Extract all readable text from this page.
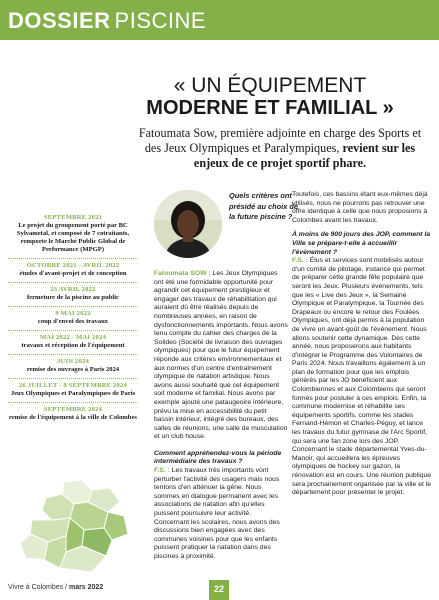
DOSSIER PISCINE
« UN ÉQUIPEMENT
MODERNE ET FAMILIAL »
Fatoumata Sow, première adjointe en charge des Sports et des Jeux Olympiques et Paralympiques, revient sur les enjeux de ce projet sportif phare.
SEPTEMBRE 2021
Le projet du groupement porté par BC Sylvametal, et composé de 7 cotraitants, remporte le Marché Public Global de Performance (MPGP)
OCTOBRE 2021 - AVRIL 2022
études d'avant-projet et de conception
23 AVRIL 2022
fermeture de la piscine au public
9 MAI 2022
coup d'envoi des travaux
MAI 2022 - MAI 2024
travaux et réception de l'équipement
JUIN 2024
remise des ouvrages à Paris 2024
26 JUILLET - 8 SEPTEMBRE 2024
Jeux Olympiques et Paralympiques de Paris
SEPTEMBRE 2024
remise de l'équipement à la ville de Colombes

Quels critères ont présidé au choix de la future piscine ?

Fatoumata SOW : Les Jeux Olympiques ont été une formidable opportunité pour agrandir cet équipement prestigieux et engager des travaux de réhabilitation qui auraient dû être réalisés depuis de nombreuses années, en raison de dysfonctionnements importants. Nous avons tenu compte du cahier des charges de la Solideo (Société de livraison des ouvrages olympiques) pour que le futur équipement réponde aux critères environnementaux et aux normes d'un centre d'entraînement olympique de natation artistique. Nous avons aussi souhaité que cet équipement soit moderne et familial. Nous avons par exemple ajouté une pataugeoire intérieure, prévu la mise en accessibilité du petit bassin intérieur, intégré des bureaux, des salles de réunions, une salle de musculation et un club house.

Comment appréhendez-vous la période intermédiaire des travaux ?
F.S. : Les travaux très importants vont perturber l'activité des usagers mais nous tentons d'en atténuer la gêne. Nous sommes en dialogue permanent avec les associations de natation afin qu'elles puissent poursuivre leur activité. Concernant les scolaires, nous avons des discussions bien engagées avec des communes voisines pour que les enfants puissent pratiquer la natation dans des piscines à proximité.

Toutefois, ces bassins étant eux-mêmes déjà utilisés, nous ne pourrons pas retrouver une offre identique à celle que nous proposions à Colombes avant les travaux.

À moins de 900 jours des JOP, comment la Ville se prépare-t-elle à accueillir l'événement ?
F.S. : Élus et services sont mobilisés autour d'un comité de pilotage, instance qui permet de préparer cette grande fête populaire que seront les Jeux. Plusieurs événements, tels que les « Live des Jeux », la Semaine Olympique et Paralympique, la Tournée des Drapeaux ou encore le retour des Foulées Olympiques, ont déjà permis à la population de vivre un avant-goût de l'événement. Nous allons soutenir cette dynamique. Dès cette année, nous proposerons aux habitants d'intégrer le Programme des Volontaires de Paris 2024. Nous travaillons également à un plan de formation pour que les emplois générés par les JO bénéficient aux Colombiennes et aux Colombiens qui seront formés pour postuler à ces emplois. Enfin, la commune modernise et réhabilite ses équipements sportifs, comme les stades Fernand-Hémon et Charles-Péguy, et lance les travaux du futur gymnase de l'Arc Sportif, qui sera une fan zone lors des JOP. Concernant le stade départemental Yves-du-Manoir, qui accueillera les épreuves olympiques de hockey sur gazon, la rénovation est en cours. Une réunion publique sera prochainement organisée par la ville et le département pour présenter le projet.

Vivre à Colombes / mars 2022	22
